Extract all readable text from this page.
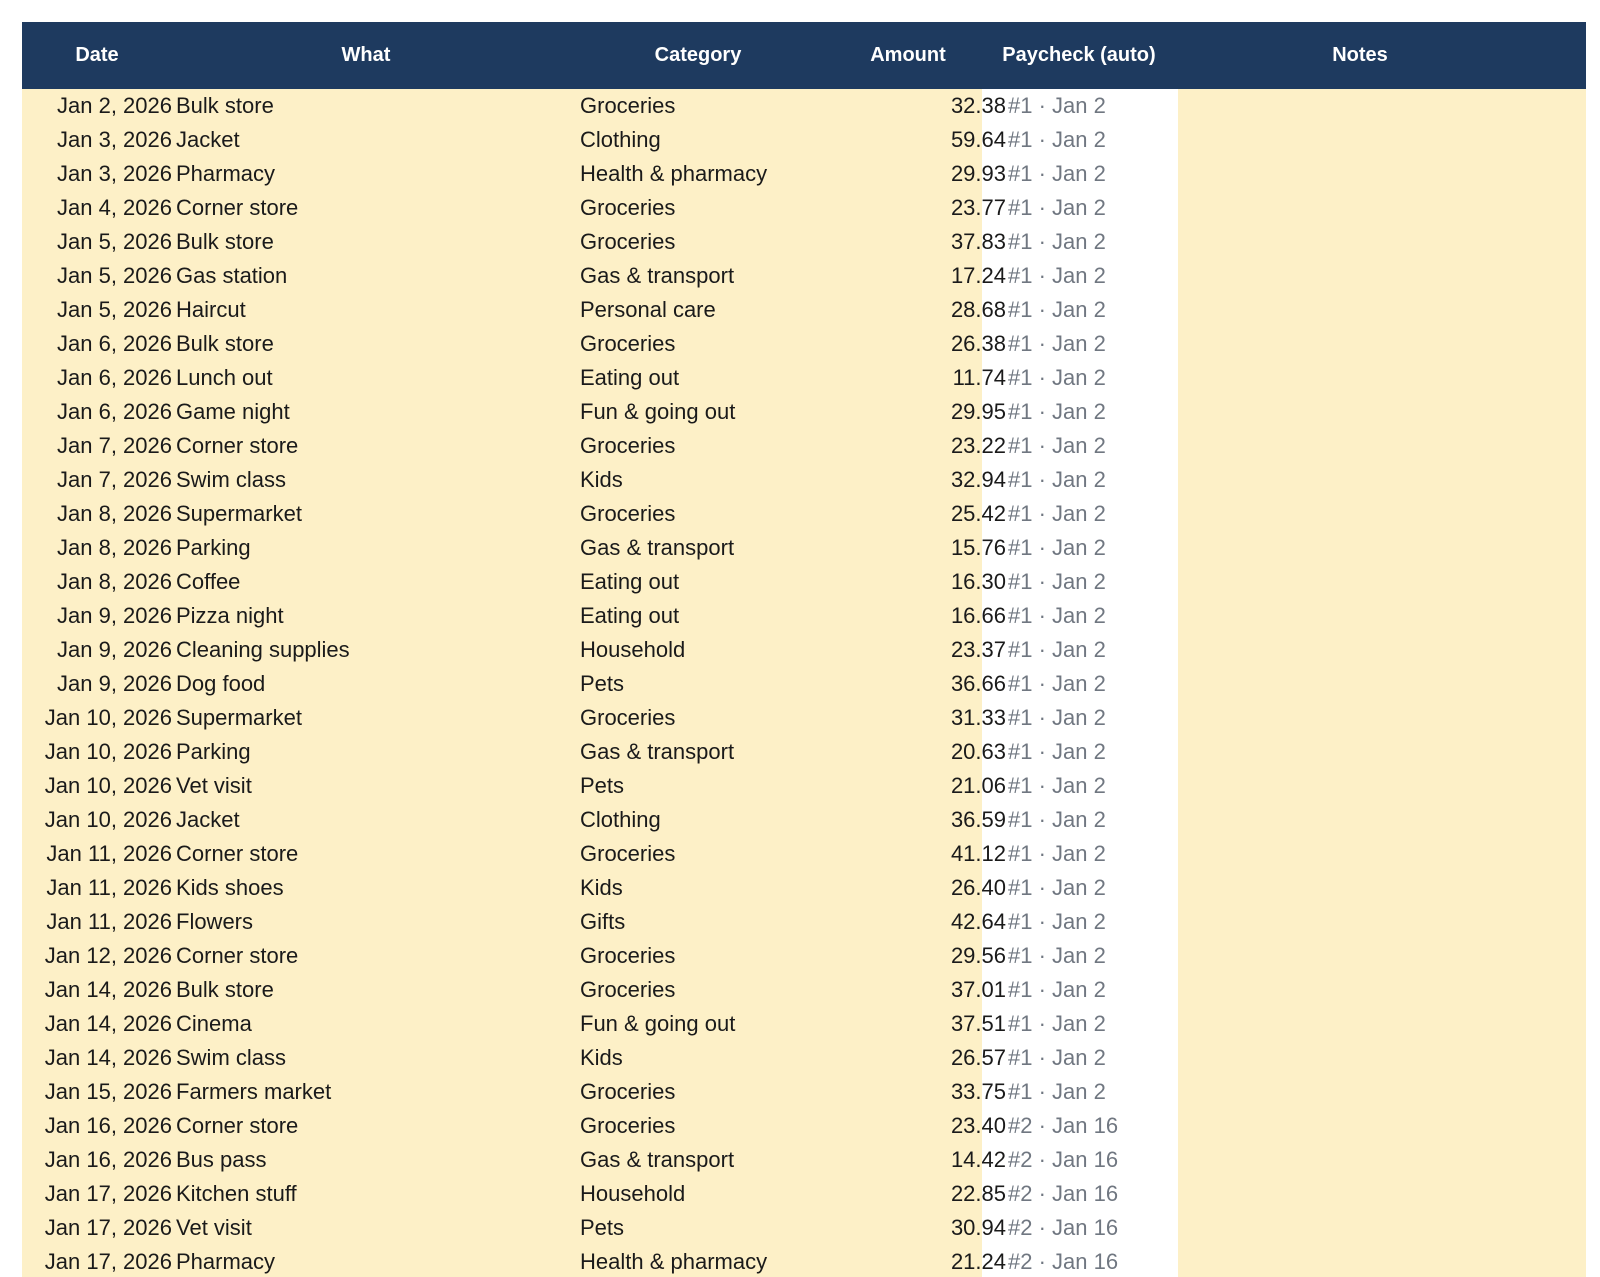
Date	What	Category	Amount	Paycheck (auto)	Notes
Jan 2, 2026 Bulk store	Groceries	32.38 #1 · Jan 2
Jan 3, 2026 Jacket	Clothing	59.64 #1 · Jan 2
Jan 3, 2026 Pharmacy	Health & pharmacy	29.93 #1 · Jan 2
Jan 4, 2026 Corner store	Groceries	23.77 #1 · Jan 2
Jan 5, 2026 Bulk store	Groceries	37.83 #1 · Jan 2
Jan 5, 2026 Gas station	Gas & transport	17.24 #1 · Jan 2
Jan 5, 2026 Haircut	Personal care	28.68 #1 · Jan 2
Jan 6, 2026 Bulk store	Groceries	26.38 #1 · Jan 2
Jan 6, 2026 Lunch out	Eating out	11.74 #1 · Jan 2
Jan 6, 2026 Game night	Fun & going out	29.95 #1 · Jan 2
Jan 7, 2026 Corner store	Groceries	23.22 #1 · Jan 2
Jan 7, 2026 Swim class	Kids	32.94 #1 · Jan 2
Jan 8, 2026 Supermarket	Groceries	25.42 #1 · Jan 2
Jan 8, 2026 Parking	Gas & transport	15.76 #1 · Jan 2
Jan 8, 2026 Coffee	Eating out	16.30 #1 · Jan 2
Jan 9, 2026 Pizza night	Eating out	16.66 #1 · Jan 2
Jan 9, 2026 Cleaning supplies	Household	23.37 #1 · Jan 2
Jan 9, 2026 Dog food	Pets	36.66 #1 · Jan 2
Jan 10, 2026 Supermarket	Groceries	31.33 #1 · Jan 2
Jan 10, 2026 Parking	Gas & transport	20.63 #1 · Jan 2
Jan 10, 2026 Vet visit	Pets	21.06 #1 · Jan 2
Jan 10, 2026 Jacket	Clothing	36.59 #1 · Jan 2
Jan 11, 2026 Corner store	Groceries	41.12 #1 · Jan 2
Jan 11, 2026 Kids shoes	Kids	26.40 #1 · Jan 2
Jan 11, 2026 Flowers	Gifts	42.64 #1 · Jan 2
Jan 12, 2026 Corner store	Groceries	29.56 #1 · Jan 2
Jan 14, 2026 Bulk store	Groceries	37.01 #1 · Jan 2
Jan 14, 2026 Cinema	Fun & going out	37.51 #1 · Jan 2
Jan 14, 2026 Swim class	Kids	26.57 #1 · Jan 2
Jan 15, 2026 Farmers market	Groceries	33.75 #1 · Jan 2
Jan 16, 2026 Corner store	Groceries	23.40 #2 · Jan 16
Jan 16, 2026 Bus pass	Gas & transport	14.42 #2 · Jan 16
Jan 17, 2026 Kitchen stuff	Household	22.85 #2 · Jan 16
Jan 17, 2026 Vet visit	Pets	30.94 #2 · Jan 16
Jan 17, 2026 Pharmacy	Health & pharmacy	21.24 #2 · Jan 16
